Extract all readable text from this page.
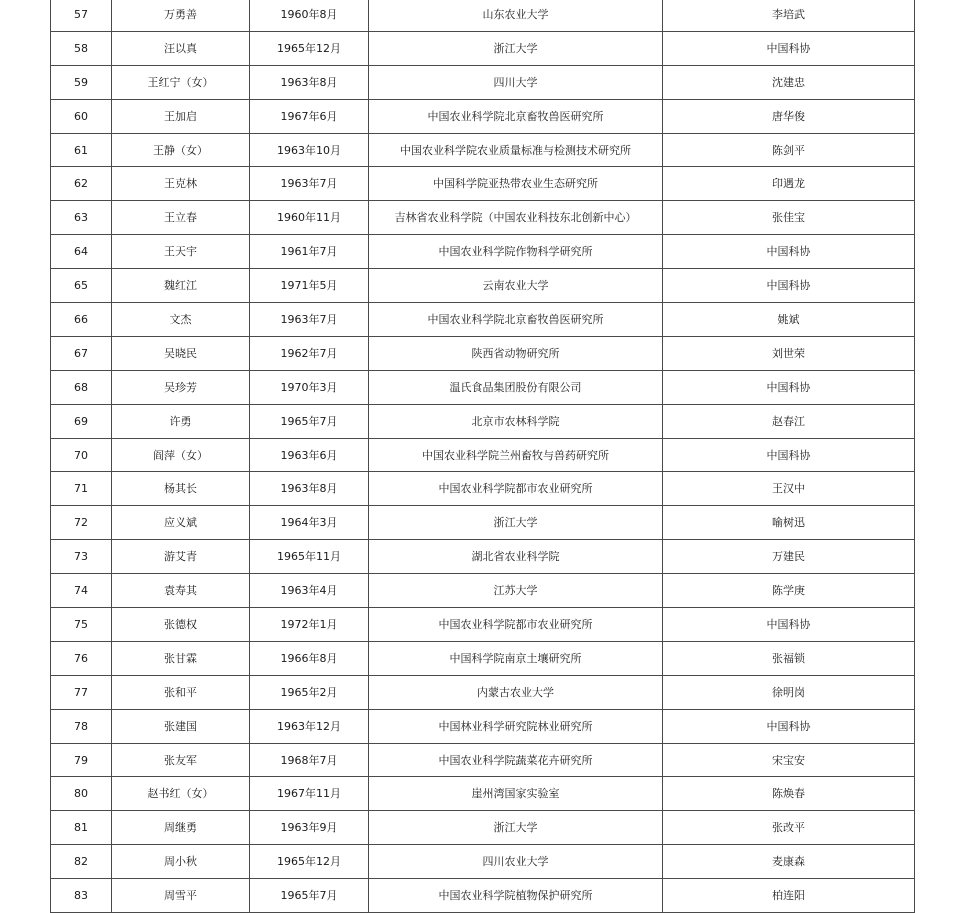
57	万勇善	1960年8月	山东农业大学	李培武
58	汪以真	1965年12月	浙江大学	中国科协
59	王红宁（女）	1963年8月	四川大学	沈建忠
60	王加启	1967年6月	中国农业科学院北京畜牧兽医研究所	唐华俊
61	王静（女）	1963年10月	中国农业科学院农业质量标准与检测技术研究所	陈剑平
62	王克林	1963年7月	中国科学院亚热带农业生态研究所	印遇龙
63	王立春	1960年11月	吉林省农业科学院（中国农业科技东北创新中心）	张佳宝
64	王天宇	1961年7月	中国农业科学院作物科学研究所	中国科协
65	魏红江	1971年5月	云南农业大学	中国科协
66	文杰	1963年7月	中国农业科学院北京畜牧兽医研究所	姚斌
67	吴晓民	1962年7月	陕西省动物研究所	刘世荣
68	吴珍芳	1970年3月	温氏食品集团股份有限公司	中国科协
69	许勇	1965年7月	北京市农林科学院	赵春江
70	阎萍（女）	1963年6月	中国农业科学院兰州畜牧与兽药研究所	中国科协
71	杨其长	1963年8月	中国农业科学院都市农业研究所	王汉中
72	应义斌	1964年3月	浙江大学	喻树迅
73	游艾青	1965年11月	湖北省农业科学院	万建民
74	袁寿其	1963年4月	江苏大学	陈学庚
75	张德权	1972年1月	中国农业科学院都市农业研究所	中国科协
76	张甘霖	1966年8月	中国科学院南京土壤研究所	张福锁
77	张和平	1965年2月	内蒙古农业大学	徐明岗
78	张建国	1963年12月	中国林业科学研究院林业研究所	中国科协
79	张友军	1968年7月	中国农业科学院蔬菜花卉研究所	宋宝安
80	赵书红（女）	1967年11月	崖州湾国家实验室	陈焕春
81	周继勇	1963年9月	浙江大学	张改平
82	周小秋	1965年12月	四川农业大学	麦康森
83	周雪平	1965年7月	中国农业科学院植物保护研究所	柏连阳
